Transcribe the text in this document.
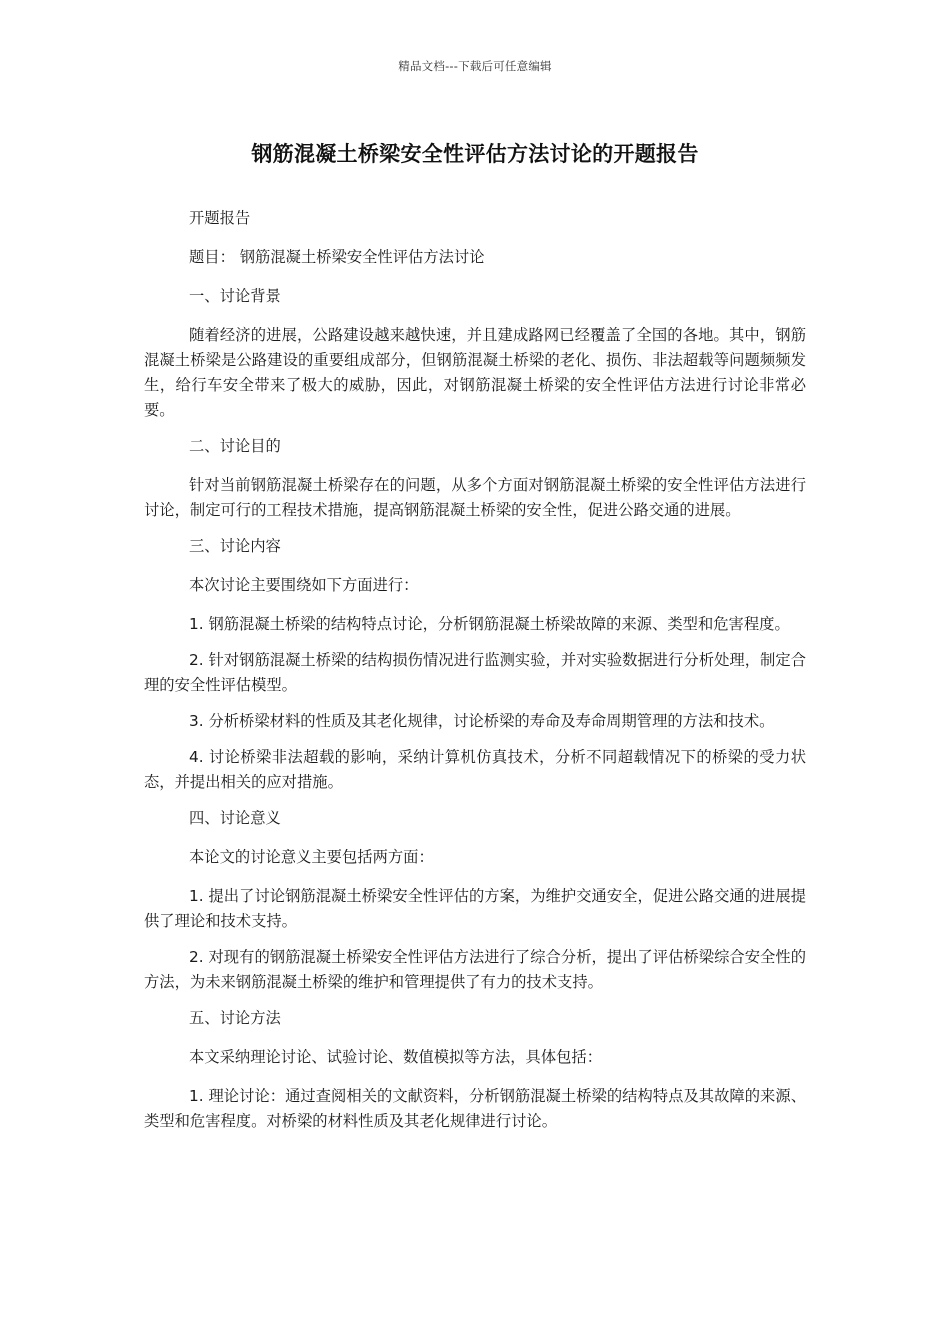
精品文档---下载后可任意编辑
钢筋混凝土桥梁安全性评估方法讨论的开题报告

开题报告

题目： 钢筋混凝土桥梁安全性评估方法讨论

一、讨论背景

随着经济的进展，公路建设越来越快速，并且建成路网已经覆盖了全国的各地。其中，钢筋混凝土桥梁是公路建设的重要组成部分，但钢筋混凝土桥梁的老化、损伤、非法超载等问题频频发生，给行车安全带来了极大的威胁，因此，对钢筋混凝土桥梁的安全性评估方法进行讨论非常必要。

二、讨论目的

针对当前钢筋混凝土桥梁存在的问题，从多个方面对钢筋混凝土桥梁的安全性评估方法进行讨论，制定可行的工程技术措施，提高钢筋混凝土桥梁的安全性，促进公路交通的进展。

三、讨论内容

本次讨论主要围绕如下方面进行：

1. 钢筋混凝土桥梁的结构特点讨论，分析钢筋混凝土桥梁故障的来源、类型和危害程度。

2. 针对钢筋混凝土桥梁的结构损伤情况进行监测实验，并对实验数据进行分析处理，制定合理的安全性评估模型。

3. 分析桥梁材料的性质及其老化规律，讨论桥梁的寿命及寿命周期管理的方法和技术。

4. 讨论桥梁非法超载的影响，采纳计算机仿真技术，分析不同超载情况下的桥梁的受力状态，并提出相关的应对措施。

四、讨论意义

本论文的讨论意义主要包括两方面：

1. 提出了讨论钢筋混凝土桥梁安全性评估的方案，为维护交通安全，促进公路交通的进展提供了理论和技术支持。

2. 对现有的钢筋混凝土桥梁安全性评估方法进行了综合分析，提出了评估桥梁综合安全性的方法，为未来钢筋混凝土桥梁的维护和管理提供了有力的技术支持。

五、讨论方法

本文采纳理论讨论、试验讨论、数值模拟等方法，具体包括：

1. 理论讨论：通过查阅相关的文献资料，分析钢筋混凝土桥梁的结构特点及其故障的来源、类型和危害程度。对桥梁的材料性质及其老化规律进行讨论。
